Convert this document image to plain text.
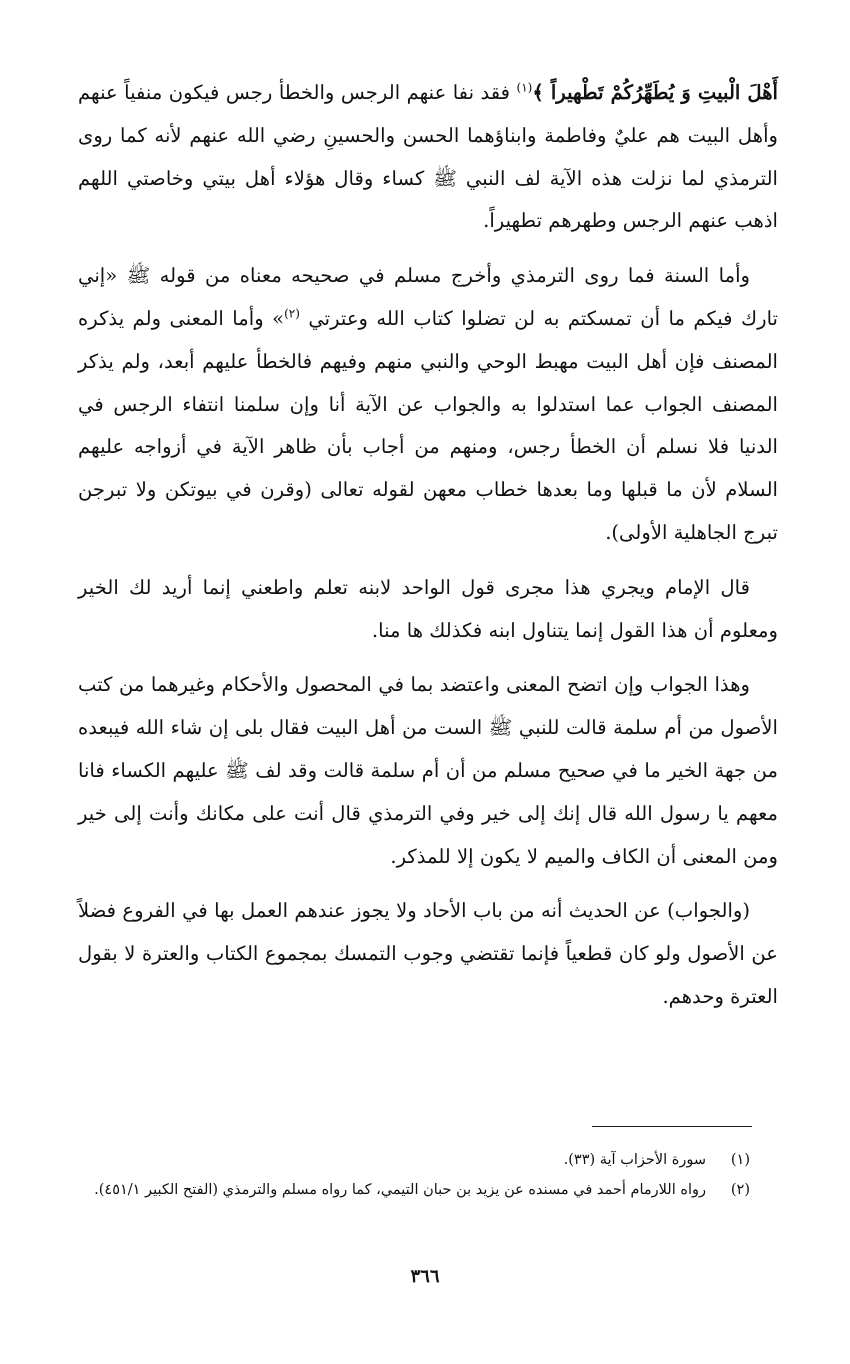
أَهْلَ الْبيتِ وَ يُطَهِّرُكُمْ تَطْهيراً ﴾$^{(١)}$ فقد نفا عنهم الرجس والخطأ رجس فيكون منفياً عنهم وأهل البيت هم عليٌ وفاطمة وابناؤهما الحسن والحسينِ رضي الله عنهم لأنه كما روى الترمذي لما نزلت هذه الآية لف النبي ﷺ كساء وقال هؤلاء أهل بيتي وخاصتي اللهم اذهب عنهم الرجس وطهرهم تطهيراً.

وأما السنة فما روى الترمذي وأخرج مسلم في صحيحه معناه من قوله ﷺ «إني تارك فيكم ما أن تمسكتم به لن تضلوا كتاب الله وعترتي $^{(٢)}$» وأما المعنى ولم يذكره المصنف فإن أهل البيت مهبط الوحي والنبي منهم وفيهم فالخطأ عليهم أبعد، ولم يذكر المصنف الجواب عما استدلوا به والجواب عن الآية أنا وإن سلمنا انتفاء الرجس في الدنيا فلا نسلم أن الخطأ رجس، ومنهم من أجاب بأن ظاهر الآية في أزواجه عليهم السلام لأن ما قبلها وما بعدها خطاب معهن لقوله تعالى (وقرن في بيوتكن ولا تبرجن تبرج الجاهلية الأولى).

قال الإمام ويجري هذا مجرى قول الواحد لابنه تعلم واطعني إنما أريد لك الخير ومعلوم أن هذا القول إنما يتناول ابنه فكذلك ها منا.

وهذا الجواب وإن اتضح المعنى واعتضد بما في المحصول والأحكام وغيرهما من كتب الأصول من أم سلمة قالت للنبي ﷺ الست من أهل البيت فقال بلى إن شاء الله فيبعده من جهة الخير ما في صحيح مسلم من أن أم سلمة قالت وقد لف ﷺ عليهم الكساء فانا معهم يا رسول الله قال إنك إلى خير وفي الترمذي قال أنت على مكانك وأنت إلى خير ومن المعنى أن الكاف والميم لا يكون إلا للمذكر.

(والجواب) عن الحديث أنه من باب الأحاد ولا يجوز عندهم العمل بها في الفروع فضلاً عن الأصول ولو كان قطعياً فإنما تقتضي وجوب التمسك بمجموع الكتاب والعترة لا بقول العترة وحدهم.

(١)
سورة الأحزاب آية (٣٣).
(٢)
رواه اللارمام أحمد في مسنده عن يزيد بن حبان التيمي، كما رواه مسلم والترمذي (الفتح الكبير ٤٥١/١).
٣٦٦
